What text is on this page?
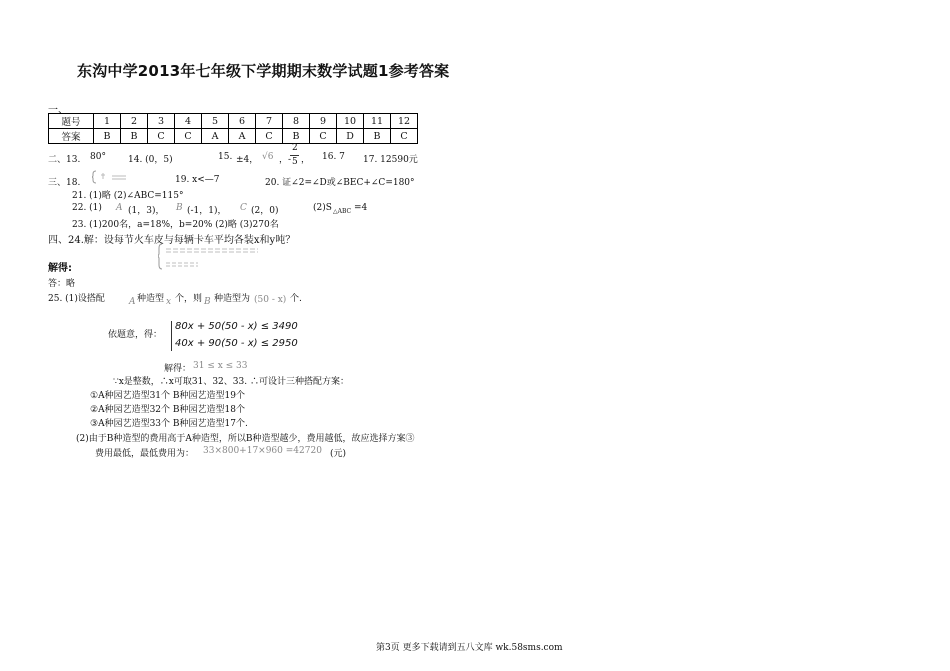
东沟中学2013年七年级下学期期末数学试题1参考答案
一、
题号	1	2	3	4	5	6	7	8	9	10	11	12
答案	B	B	C	C	A	A	C	B	C	D	B	C
二、13. 80° 14. (0，5)	15. ±4， √6 ，-
2
5 ， 16. 7 17. 12590元
三、18.	19. x<—7	20. 证∠2=∠D或∠BEC+∠C=180°
21. (1)略 (2)∠ABC=115°
22. (1) A (1，3)， B (-1，1)， C (2，0)	(2)S △ABC =4
23. (1)200名，a=18%，b=20% (2)略 (3)270名
四、24.解：设每节火车皮与每辆卡车平均各装x和y吨？
解得:
答：略
25. (1)设搭配	A 种造型 x 个，则 B 种造型为 (50 - x) 个.
依题意，得：
80x + 50(50 - x) ≤ 3490
40x + 90(50 - x) ≤ 2950
解得： 31 ≤ x ≤ 33
∵x是整数，∴x可取31、32、33. ∴可设计三种搭配方案：
①A种园艺造型31个 B种园艺造型19个
②A种园艺造型32个 B种园艺造型18个
③A种园艺造型33个 B种园艺造型17个.
(2)由于B种造型的费用高于A种造型，所以B种造型越少，费用越低，故应选择方案③
费用最低，最低费用为： 33×800+17×960 =42720 (元)
第3页 更多下载请到五八文库 wk.58sms.com
